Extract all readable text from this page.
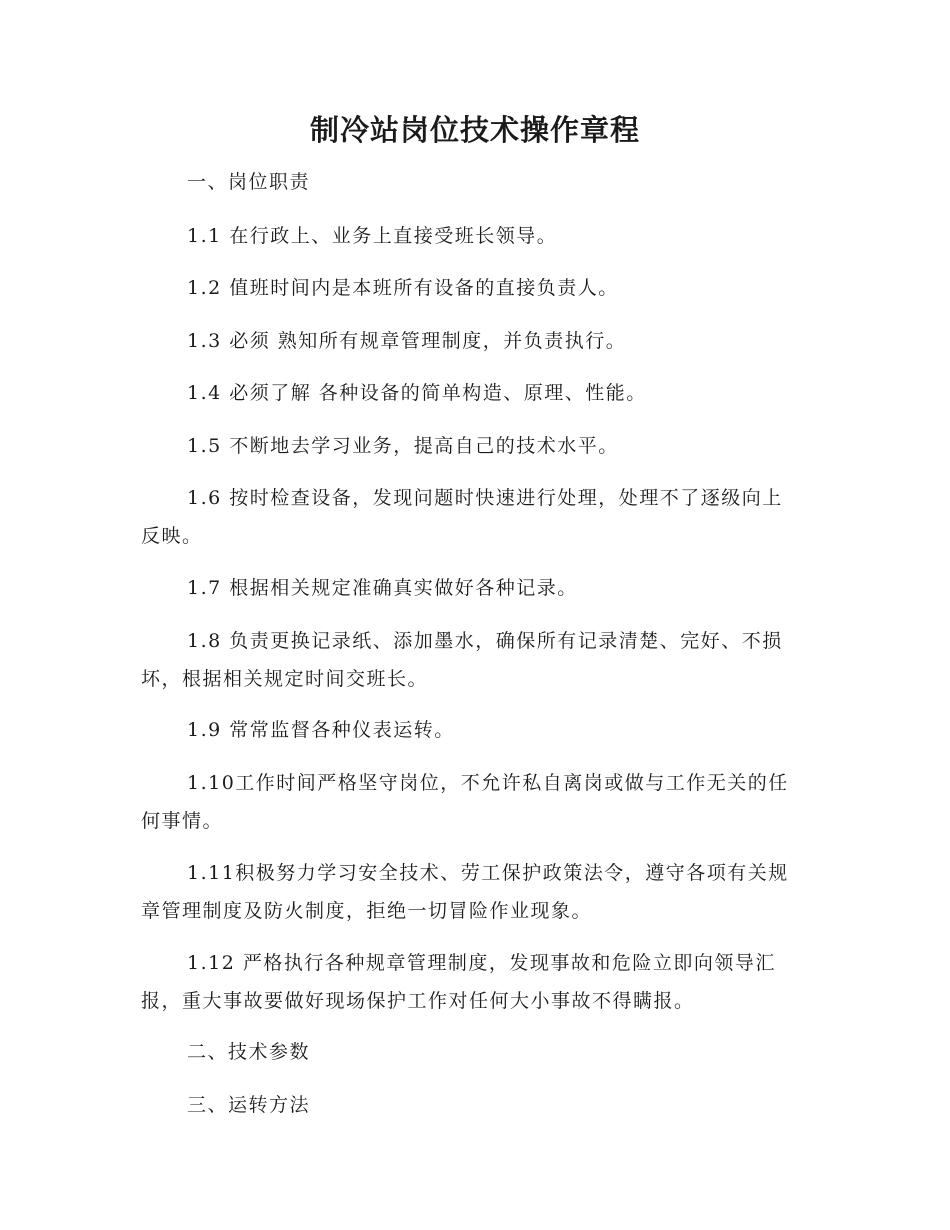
制冷站岗位技术操作章程

一、岗位职责

1.1 在行政上、业务上直接受班长领导。

1.2 值班时间内是本班所有设备的直接负责人。

1.3 必须 熟知所有规章管理制度，并负责执行。

1.4 必须了解 各种设备的简单构造、原理、性能。

1.5 不断地去学习业务，提高自己的技术水平。

1.6 按时检查设备，发现问题时快速进行处理，处理不了逐级向上反映。

1.7 根据相关规定准确真实做好各种记录。

1.8 负责更换记录纸、添加墨水，确保所有记录清楚、完好、不损坏，根据相关规定时间交班长。

1.9 常常监督各种仪表运转。

1.10工作时间严格坚守岗位，不允许私自离岗或做与工作无关的任何事情。

1.11积极努力学习安全技术、劳工保护政策法令，遵守各项有关规章管理制度及防火制度，拒绝一切冒险作业现象。

1.12 严格执行各种规章管理制度，发现事故和危险立即向领导汇报，重大事故要做好现场保护工作对任何大小事故不得瞒报。

二、技术参数

三、运转方法
